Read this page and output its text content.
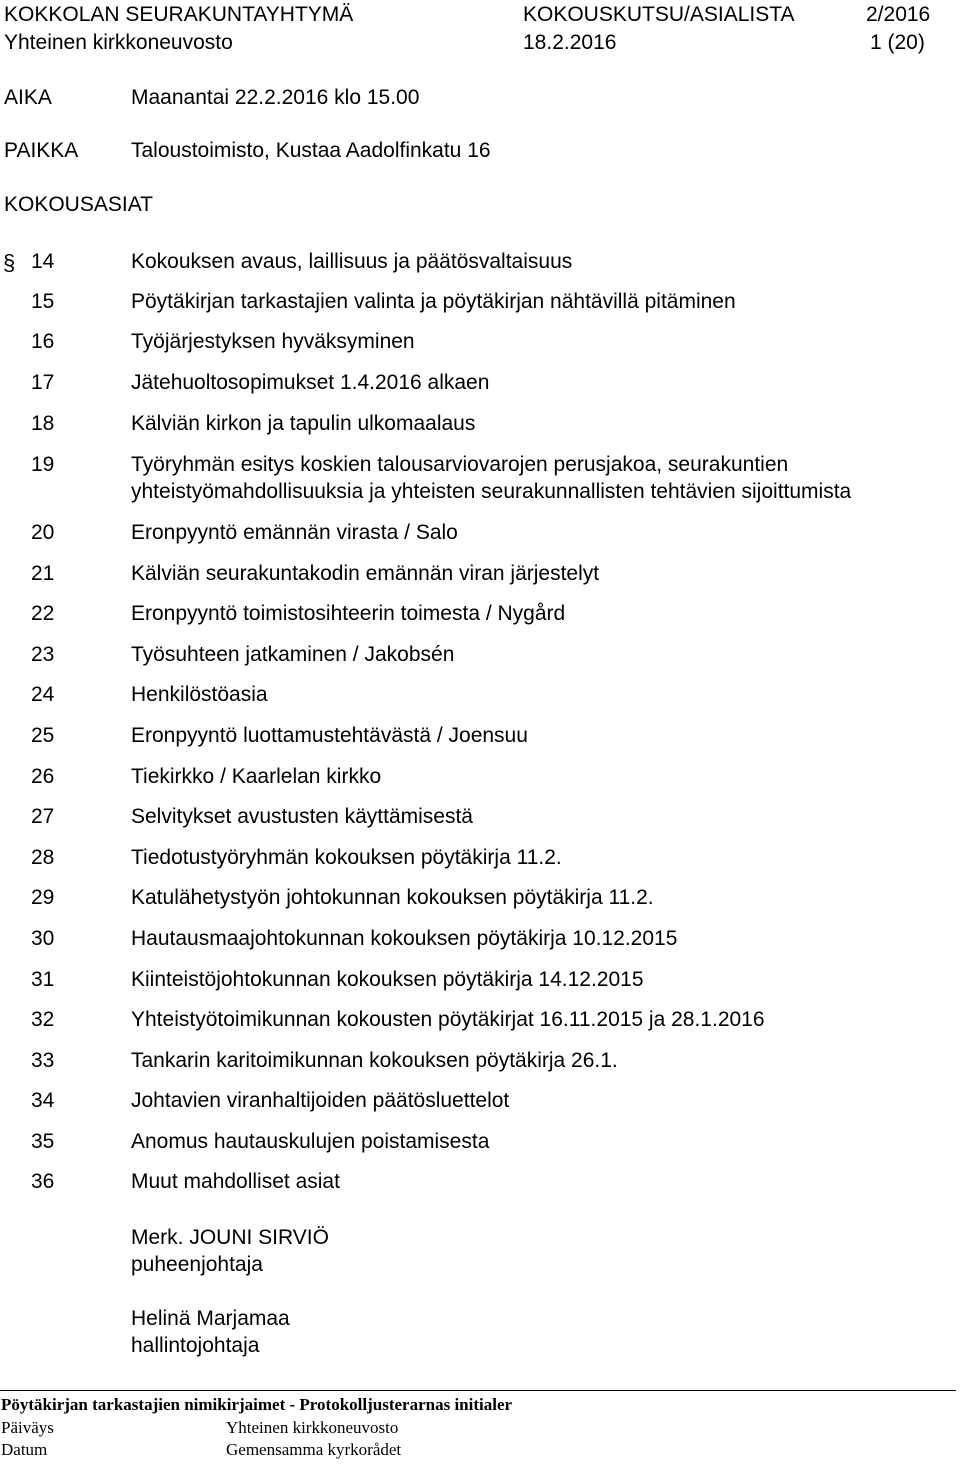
KOKKOLAN SEURAKUNTAYHTYMÄ	KOKOUSKUTSU/ASIALISTA	2/2016
Yhteinen kirkkoneuvosto	18.2.2016	1 (20)
AIKA	Maanantai 22.2.2016 klo 15.00
PAIKKA	Taloustoimisto, Kustaa Aadolfinkatu 16
KOKOUSASIAT
§ 14	Kokouksen avaus, laillisuus ja päätösvaltaisuus
15	Pöytäkirjan tarkastajien valinta ja pöytäkirjan nähtävillä pitäminen
16	Työjärjestyksen hyväksyminen
17	Jätehuoltosopimukset 1.4.2016 alkaen
18	Kälviän kirkon ja tapulin ulkomaalaus
19	Työryhmän esitys koskien talousarviovarojen perusjakoa, seurakuntien
yhteistyömahdollisuuksia ja yhteisten seurakunnallisten tehtävien sijoittumista
20	Eronpyyntö emännän virasta / Salo
21	Kälviän seurakuntakodin emännän viran järjestelyt
22	Eronpyyntö toimistosihteerin toimesta / Nygård
23	Työsuhteen jatkaminen / Jakobsén
24	Henkilöstöasia
25	Eronpyyntö luottamustehtävästä / Joensuu
26	Tiekirkko / Kaarlelan kirkko
27	Selvitykset avustusten käyttämisestä
28	Tiedotustyöryhmän kokouksen pöytäkirja 11.2.
29	Katulähetystyön johtokunnan kokouksen pöytäkirja 11.2.
30	Hautausmaajohtokunnan kokouksen pöytäkirja 10.12.2015
31	Kiinteistöjohtokunnan kokouksen pöytäkirja 14.12.2015
32	Yhteistyötoimikunnan kokousten pöytäkirjat 16.11.2015 ja 28.1.2016
33	Tankarin karitoimikunnan kokouksen pöytäkirja 26.1.
34	Johtavien viranhaltijoiden päätösluettelot
35	Anomus hautauskulujen poistamisesta
36	Muut mahdolliset asiat
Merk. JOUNI SIRVIÖ
puheenjohtaja
Helinä Marjamaa
hallintojohtaja
Pöytäkirjan tarkastajien nimikirjaimet - Protokolljusterarnas initialer
Päiväys	Yhteinen kirkkoneuvosto
Datum	Gemensamma kyrkorådet
